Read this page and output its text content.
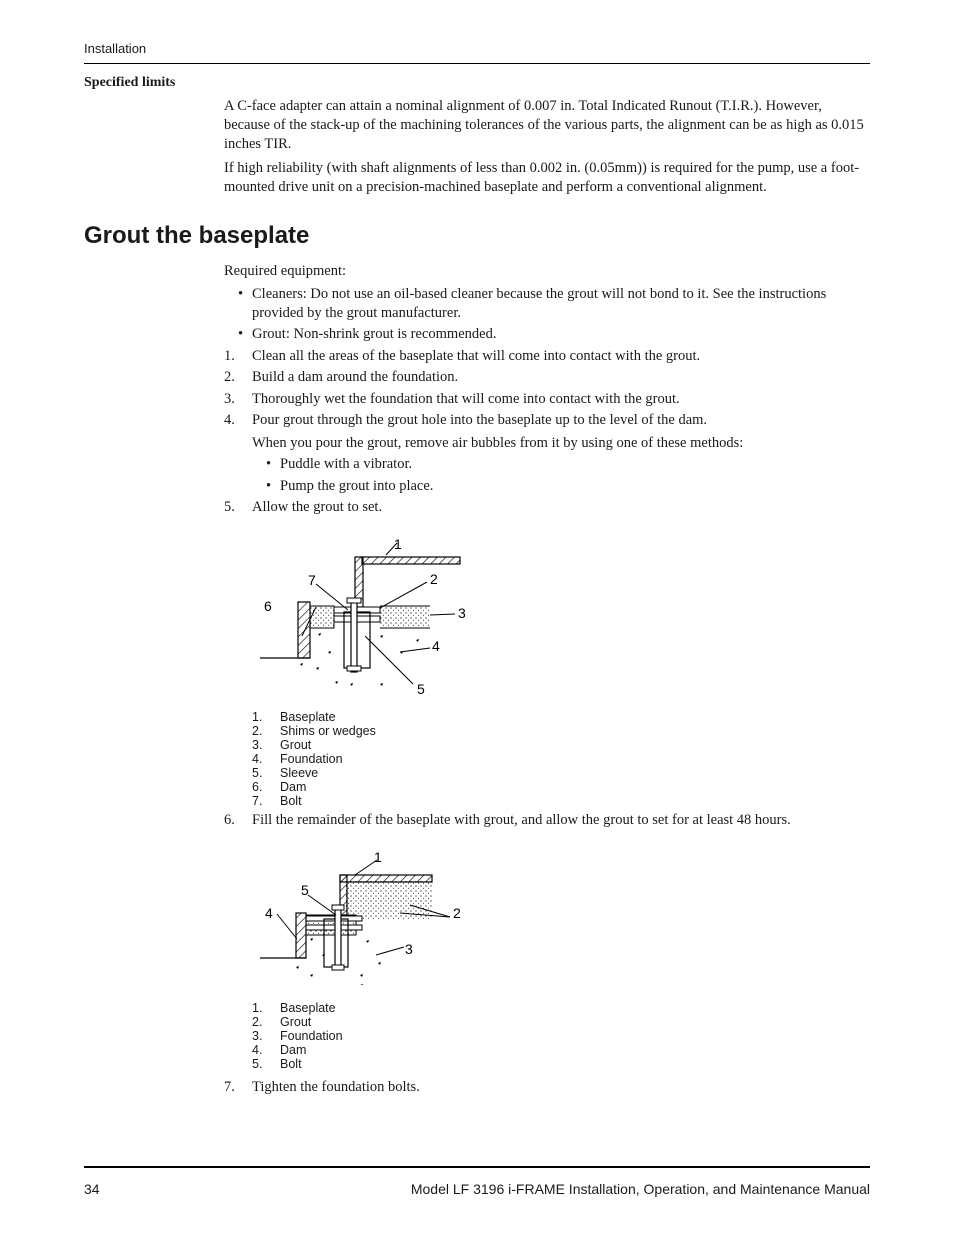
Installation
Specified limits
A C-face adapter can attain a nominal alignment of 0.007 in. Total Indicated Runout (T.I.R.). However, because of the stack-up of the machining tolerances of the various parts, the alignment can be as high as 0.015 inches TIR.
If high reliability (with shaft alignments of less than 0.002 in. (0.05mm)) is required for the pump, use a foot-mounted drive unit on a precision-machined baseplate and perform a conventional alignment.
Grout the baseplate
Required equipment:
• Cleaners: Do not use an oil-based cleaner because the grout will not bond to it. See the instructions
provided by the grout manufacturer.
• Grout: Non-shrink grout is recommended.
1. Clean all the areas of the baseplate that will come into contact with the grout.
2. Build a dam around the foundation.
3. Thoroughly wet the foundation that will come into contact with the grout.
4. Pour grout through the grout hole into the baseplate up to the level of the dam.
When you pour the grout, remove air bubbles from it by using one of these methods:
• Puddle with a vibrator.
• Pump the grout into place.
5. Allow the grout to set.
1
2
3
4
5
6
7
1. Baseplate
2. Shims or wedges
3. Grout
4. Foundation
5. Sleeve
6. Dam
7. Bolt
6. Fill the remainder of the baseplate with grout, and allow the grout to set for at least 48 hours.
1
2
3
4
5
1. Baseplate
2. Grout
3. Foundation
4. Dam
5. Bolt
7. Tighten the foundation bolts.
34	Model LF 3196 i-FRAME Installation, Operation, and Maintenance Manual
